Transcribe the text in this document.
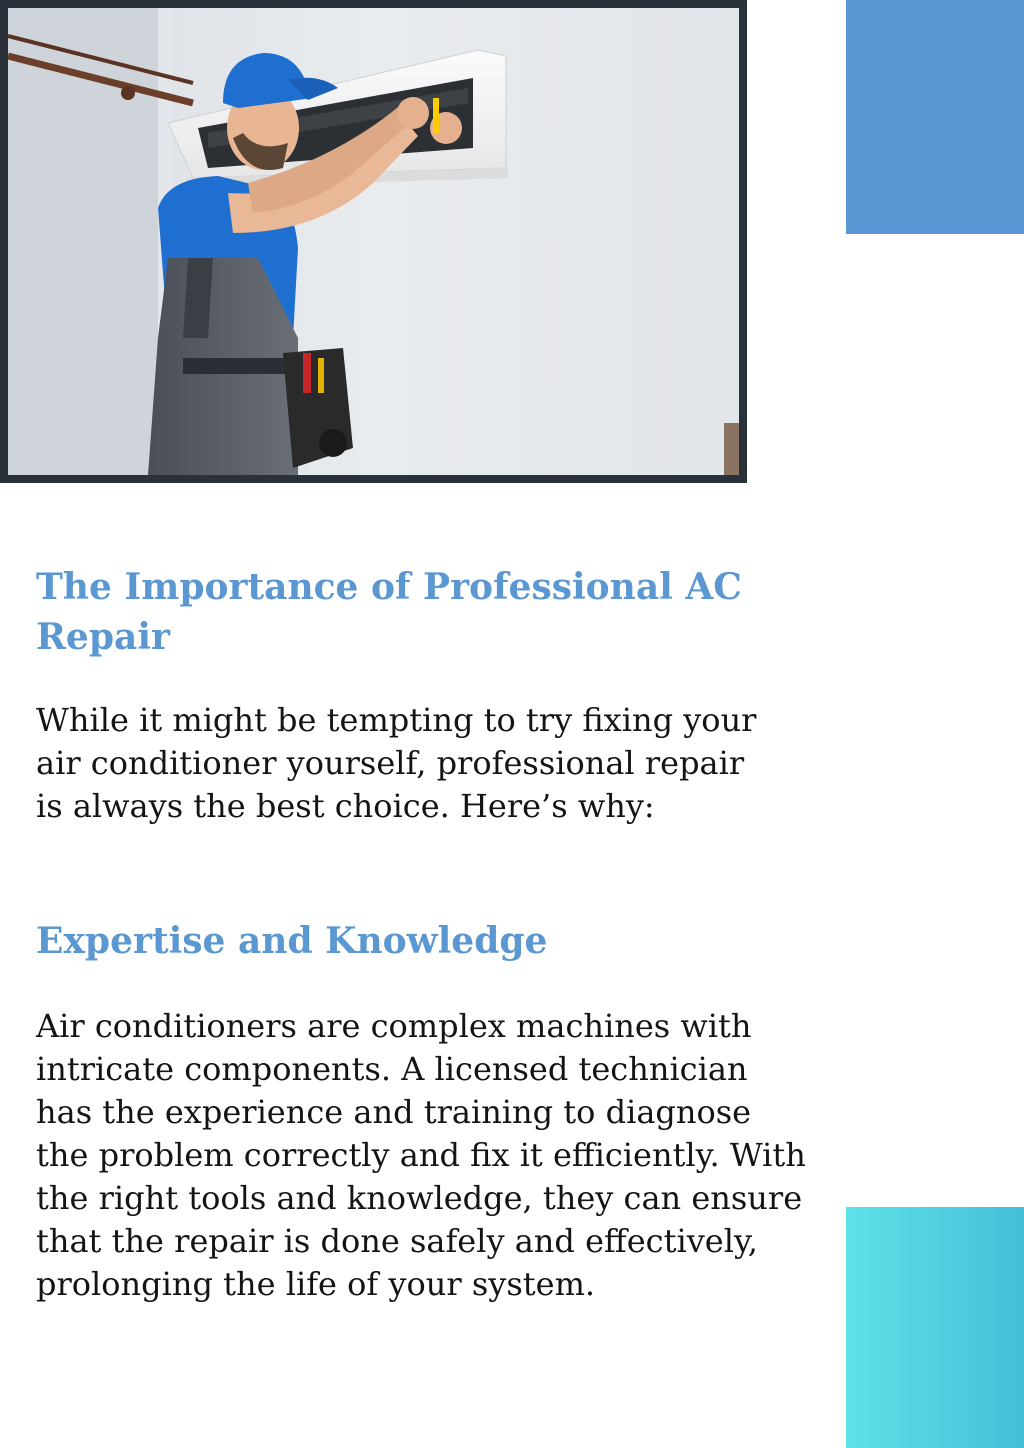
The Importance of Professional AC Repair

While it might be tempting to try fixing your air conditioner yourself, professional repair is always the best choice. Here’s why:

Expertise and Knowledge

Air conditioners are complex machines with intricate components. A licensed technician has the experience and training to diagnose the problem correctly and fix it efficiently. With the right tools and knowledge, they can ensure that the repair is done safely and effectively, prolonging the life of your system.
